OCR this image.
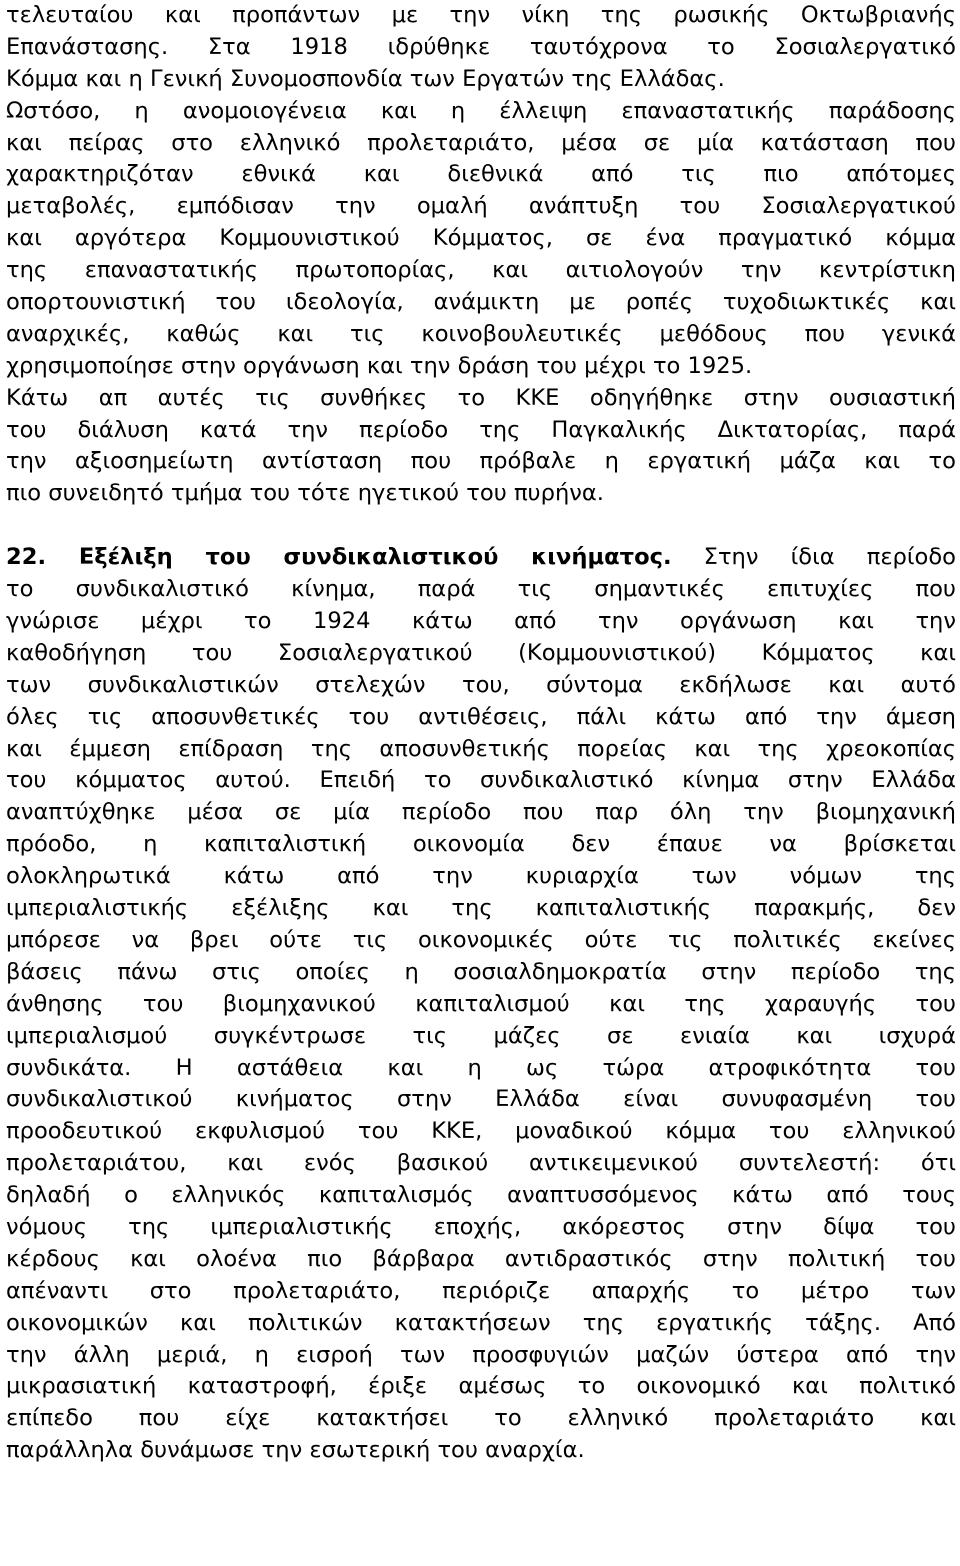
τελευταίου και προπάντων με την νίκη της ρωσικής Οκτωβριανής
Επανάστασης. Στα 1918 ιδρύθηκε ταυτόχρονα το Σοσιαλεργατικό
Κόμμα και η Γενική Συνομοσπονδία των Εργατών της Ελλάδας.
Ωστόσο, η ανομοιογένεια και η έλλειψη επαναστατικής παράδοσης
και πείρας στο ελληνικό προλεταριάτο, μέσα σε μία κατάσταση που
χαρακτηριζόταν εθνικά και διεθνικά από τις πιο απότομες
μεταβολές, εμπόδισαν την ομαλή ανάπτυξη του Σοσιαλεργατικού
και αργότερα Κομμουνιστικού Κόμματος, σε ένα πραγματικό κόμμα
της επαναστατικής πρωτοπορίας, και αιτιολογούν την κεντρίστικη
οπορτουνιστική του ιδεολογία, ανάμικτη με ροπές τυχοδιωκτικές και
αναρχικές, καθώς και τις κοινοβουλευτικές μεθόδους που γενικά
χρησιμοποίησε στην οργάνωση και την δράση του μέχρι το 1925.
Κάτω απ αυτές τις συνθήκες το ΚΚΕ οδηγήθηκε στην ουσιαστική
του διάλυση κατά την περίοδο της Παγκαλικής Δικτατορίας, παρά
την αξιοσημείωτη αντίσταση που πρόβαλε η εργατική μάζα και το
πιο συνειδητό τμήμα του τότε ηγετικού του πυρήνα.
22. Εξέλιξη του συνδικαλιστικού κινήματος. Στην ίδια περίοδο
το συνδικαλιστικό κίνημα, παρά τις σημαντικές επιτυχίες που
γνώρισε μέχρι το 1924 κάτω από την οργάνωση και την
καθοδήγηση του Σοσιαλεργατικού (Κομμουνιστικού) Κόμματος και
των συνδικαλιστικών στελεχών του, σύντομα εκδήλωσε και αυτό
όλες τις αποσυνθετικές του αντιθέσεις, πάλι κάτω από την άμεση
και έμμεση επίδραση της αποσυνθετικής πορείας και της χρεοκοπίας
του κόμματος αυτού. Επειδή το συνδικαλιστικό κίνημα στην Ελλάδα
αναπτύχθηκε μέσα σε μία περίοδο που παρ όλη την βιομηχανική
πρόοδο, η καπιταλιστική οικονομία δεν έπαυε να βρίσκεται
ολοκληρωτικά κάτω από την κυριαρχία των νόμων της
ιμπεριαλιστικής εξέλιξης και της καπιταλιστικής παρακμής, δεν
μπόρεσε να βρει ούτε τις οικονομικές ούτε τις πολιτικές εκείνες
βάσεις πάνω στις οποίες η σοσιαλδημοκρατία στην περίοδο της
άνθησης του βιομηχανικού καπιταλισμού και της χαραυγής του
ιμπεριαλισμού συγκέντρωσε τις μάζες σε ενιαία και ισχυρά
συνδικάτα. Η αστάθεια και η ως τώρα ατροφικότητα του
συνδικαλιστικού κινήματος στην Ελλάδα είναι συνυφασμένη του
προοδευτικού εκφυλισμού του ΚΚΕ, μοναδικού κόμμα του ελληνικού
προλεταριάτου, και ενός βασικού αντικειμενικού συντελεστή: ότι
δηλαδή ο ελληνικός καπιταλισμός αναπτυσσόμενος κάτω από τους
νόμους της ιμπεριαλιστικής εποχής, ακόρεστος στην δίψα του
κέρδους και ολοένα πιο βάρβαρα αντιδραστικός στην πολιτική του
απέναντι στο προλεταριάτο, περιόριζε απαρχής το μέτρο των
οικονομικών και πολιτικών κατακτήσεων της εργατικής τάξης. Από
την άλλη μεριά, η εισροή των προσφυγιών μαζών ύστερα από την
μικρασιατική καταστροφή, έριξε αμέσως το οικονομικό και πολιτικό
επίπεδο που είχε κατακτήσει το ελληνικό προλεταριάτο και
παράλληλα δυνάμωσε την εσωτερική του αναρχία.
